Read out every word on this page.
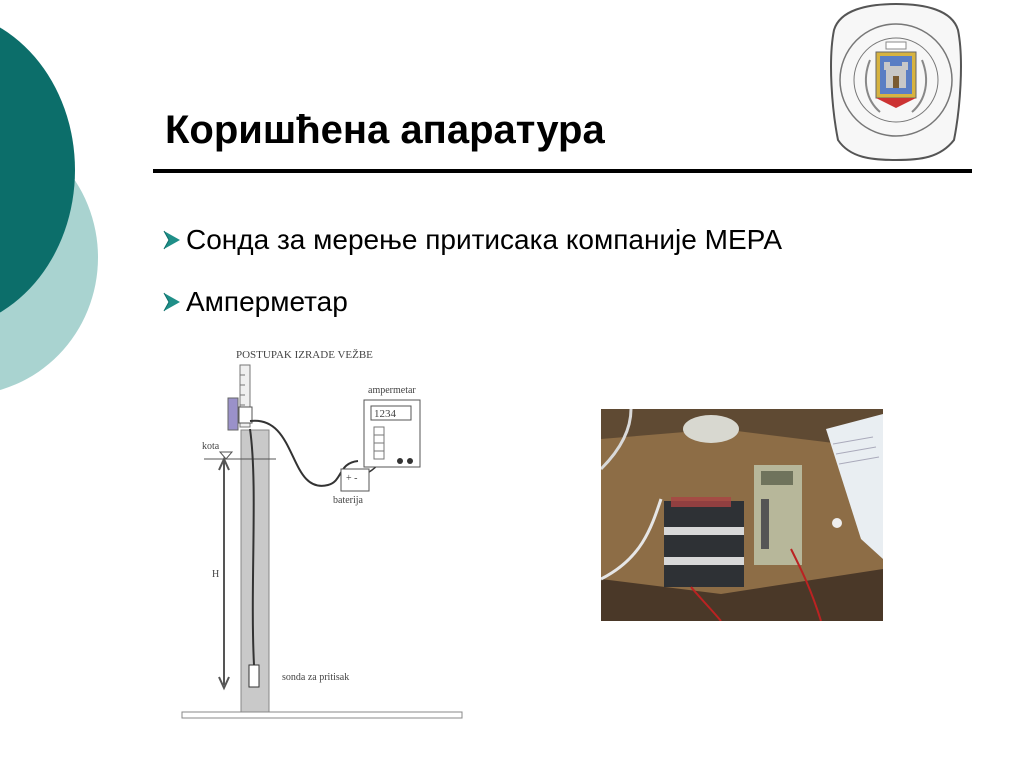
Коришћена апаратура
Сонда за мерење притисака компаније МЕРА
Амперметар
POSTUPAK IZRADE VEŽBE
kota
H
sonda za pritisak
ampermetar
1234
+ -
baterija
